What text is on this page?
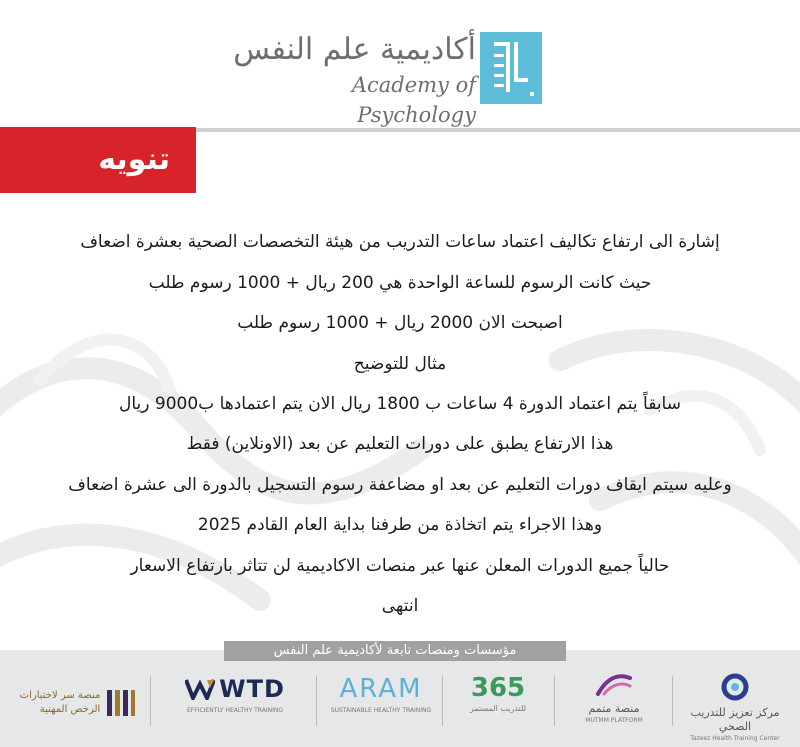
أكاديمية علم النفس
Academy of Psychology
تنويه
إشارة الى ارتفاع تكاليف اعتماد ساعات التدريب من هيئة التخصصات الصحية بعشرة اضعاف
حيث كانت الرسوم للساعة الواحدة هي 200 ريال + 1000 رسوم طلب
اصبحت الان 2000 ريال + 1000 رسوم طلب
مثال للتوضيح
سابقاً يتم اعتماد الدورة 4 ساعات ب 1800 ريال الان يتم اعتمادها ب9000 ريال
هذا الارتفاع يطبق على دورات التعليم عن بعد (الاونلاين) فقط
وعليه سيتم ايقاف دورات التعليم عن بعد او مضاعفة رسوم التسجيل بالدورة الى عشرة اضعاف
وهذا الاجراء يتم اتخاذة من طرفنا بداية العام القادم 2025
حالياً جميع الدورات المعلن عنها عبر منصات الاكاديمية لن تتاثر بارتفاع الاسعار
انتهى
مركز تعزيز للتدريب الصحي
Tazeez Health Training Center
منصة متمم
MUTMM PLATFORM
365
للتدريب المستمر
ARAM
SUSTAINABLE HEALTHY TRAINING
WTD
EFFICIENTLY HEALTHY TRAINING
منصة سر لاختبارات
الرخص المهنية
مؤسسات ومنصات تابعة لأكاديمية علم النفس
